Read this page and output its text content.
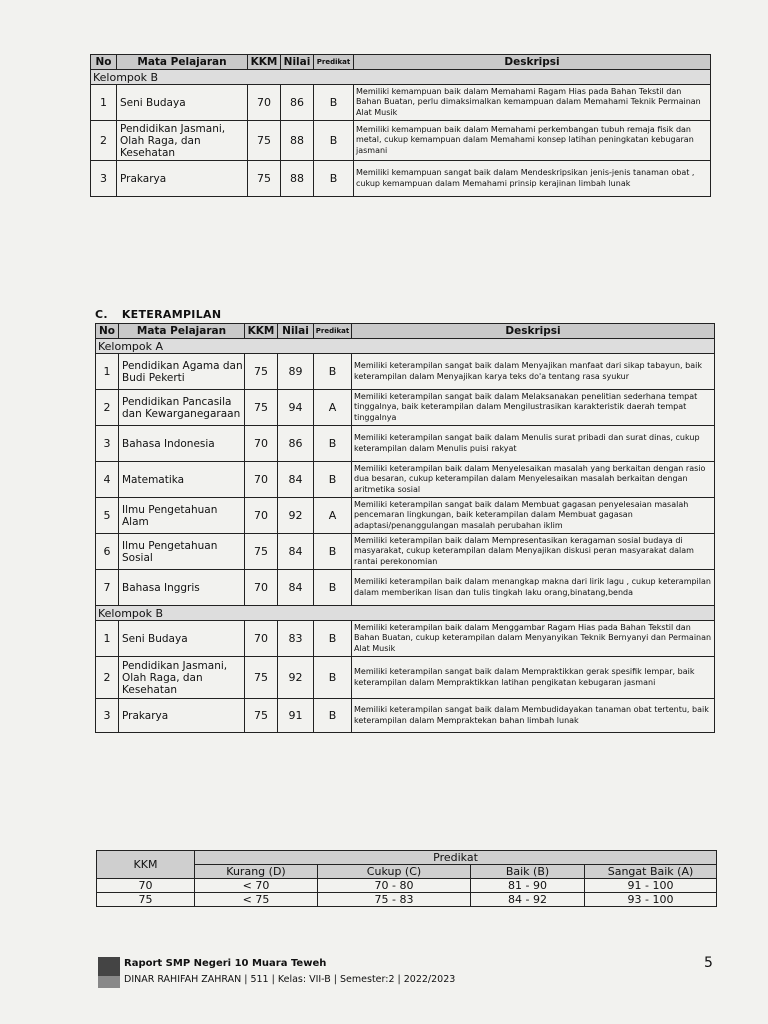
No	Mata Pelajaran	KKM	Nilai	Predikat	Deskripsi
Kelompok B					
1	Seni Budaya	70	86	B	Memiliki kemampuan baik dalam Memahami Ragam Hias pada Bahan Tekstil dan Bahan Buatan, perlu dimaksimalkan kemampuan dalam Memahami Teknik Permainan Alat Musik
2	Pendidikan Jasmani, Olah Raga, dan Kesehatan	75	88	B	Memiliki kemampuan baik dalam Memahami perkembangan tubuh remaja fisik dan metal, cukup kemampuan dalam Memahami konsep latihan peningkatan kebugaran jasmani
3	Prakarya	75	88	B	Memiliki kemampuan sangat baik dalam Mendeskripsikan jenis-jenis tanaman obat , cukup kemampuan dalam Memahami prinsip kerajinan limbah lunak
C. KETERAMPILAN
No	Mata Pelajaran	KKM	Nilai	Predikat	Deskripsi
Kelompok A					
1	Pendidikan Agama dan Budi Pekerti	75	89	B	Memiliki keterampilan sangat baik dalam Menyajikan manfaat dari sikap tabayun, baik keterampilan dalam Menyajikan karya teks do'a tentang rasa syukur
2	Pendidikan Pancasila dan Kewarganegaraan	75	94	A	Memiliki keterampilan sangat baik dalam Melaksanakan penelitian sederhana tempat tinggalnya, baik keterampilan dalam Mengilustrasikan karakteristik daerah tempat tinggalnya
3	Bahasa Indonesia	70	86	B	Memiliki keterampilan sangat baik dalam Menulis surat pribadi dan surat dinas, cukup keterampilan dalam Menulis puisi rakyat
4	Matematika	70	84	B	Memiliki keterampilan baik dalam Menyelesaikan masalah yang berkaitan dengan rasio dua besaran, cukup keterampilan dalam Menyelesaikan masalah berkaitan dengan aritmetika sosial
5	Ilmu Pengetahuan Alam	70	92	A	Memiliki keterampilan sangat baik dalam Membuat gagasan penyelesaian masalah pencemaran lingkungan, baik keterampilan dalam Membuat gagasan adaptasi/penanggulangan masalah perubahan iklim
6	Ilmu Pengetahuan Sosial	75	84	B	Memiliki keterampilan baik dalam Mempresentasikan keragaman sosial budaya di masyarakat, cukup keterampilan dalam Menyajikan diskusi peran masyarakat dalam rantai perekonomian
7	Bahasa Inggris	70	84	B	Memiliki keterampilan baik dalam menangkap makna dari lirik lagu , cukup keterampilan dalam memberikan lisan dan tulis tingkah laku orang,binatang,benda
Kelompok B					
1	Seni Budaya	70	83	B	Memiliki keterampilan baik dalam Menggambar Ragam Hias pada Bahan Tekstil dan Bahan Buatan, cukup keterampilan dalam Menyanyikan Teknik Bernyanyi dan Permainan Alat Musik
2	Pendidikan Jasmani, Olah Raga, dan Kesehatan	75	92	B	Memiliki keterampilan sangat baik dalam Mempraktikkan gerak spesifik lempar, baik keterampilan dalam Mempraktikkan latihan pengikatan kebugaran jasmani
3	Prakarya	75	91	B	Memiliki keterampilan sangat baik dalam Membudidayakan tanaman obat tertentu, baik keterampilan dalam Mempraktekan bahan limbah lunak
KKM	Predikat			
	Kurang (D)	Cukup (C)	Baik (B)	Sangat Baik (A)
70	< 70	70 - 80	81 - 90	91 - 100
75	< 75	75 - 83	84 - 92	93 - 100
Raport SMP Negeri 10 Muara Teweh
DINAR RAHIFAH ZAHRAN | 511 | Kelas: VII-B | Semester:2 | 2022/2023
5
